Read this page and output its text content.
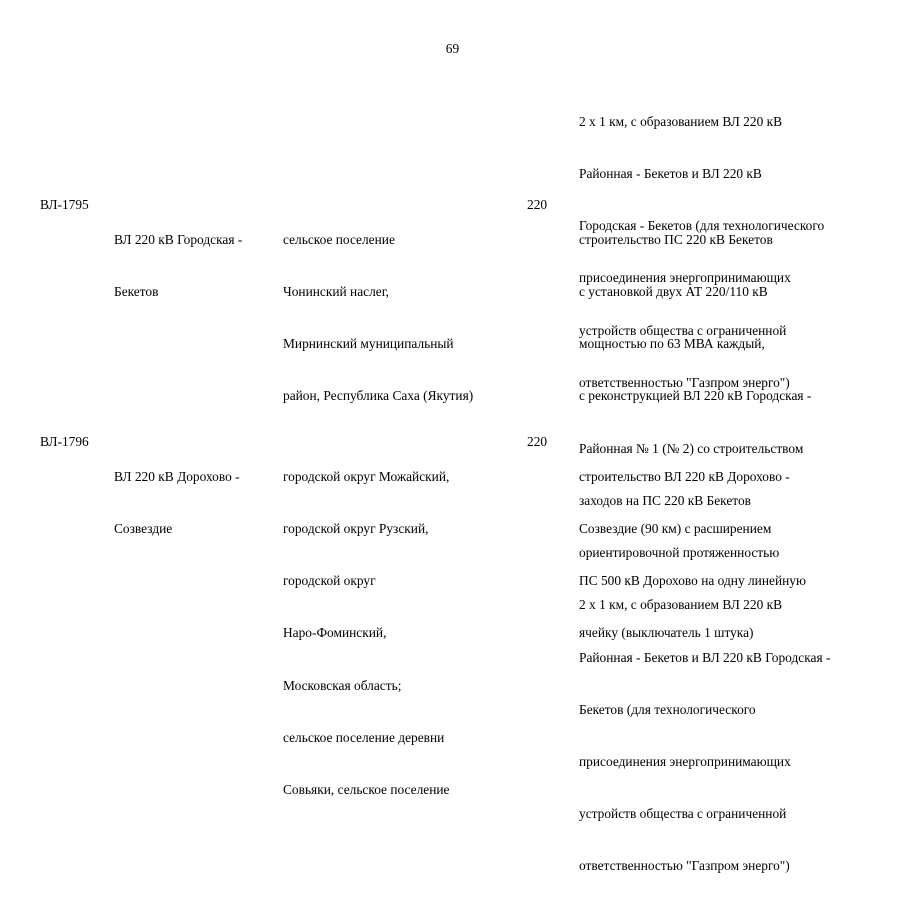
69

2 х 1 км, с образованием ВЛ 220 кВ

Районная - Бекетов и ВЛ 220 кВ

Городская - Бекетов (для технологического

присоединения энергопринимающих

устройств общества с ограниченной

ответственностью "Газпром энерго")

ВЛ-1795

ВЛ 220 кВ Городская -

Бекетов

сельское поселение

Чонинский наслег,

Мирнинский муниципальный

район, Республика Саха (Якутия)

220

строительство ПС 220 кВ Бекетов

с установкой двух АТ 220/110 кВ

мощностью по 63 МВА каждый,

с реконструкцией ВЛ 220 кВ Городская -

Районная № 1 (№ 2) со строительством

заходов на ПС 220 кВ Бекетов

ориентировочной протяженностью

2 х 1 км, с образованием ВЛ 220 кВ

Районная - Бекетов и ВЛ 220 кВ Городская -

Бекетов (для технологического

присоединения энергопринимающих

устройств общества с ограниченной

ответственностью "Газпром энерго")

ВЛ-1796

ВЛ 220 кВ Дорохово -

Созвездие

городской округ Можайский,

городской округ Рузский,

городской округ

Наро-Фоминский,

Московская область;

сельское поселение деревни

Совьяки, сельское поселение

220

строительство ВЛ 220 кВ Дорохово -

Созвездие (90 км) с расширением

ПС 500 кВ Дорохово на одну линейную

ячейку (выключатель 1 штука)
